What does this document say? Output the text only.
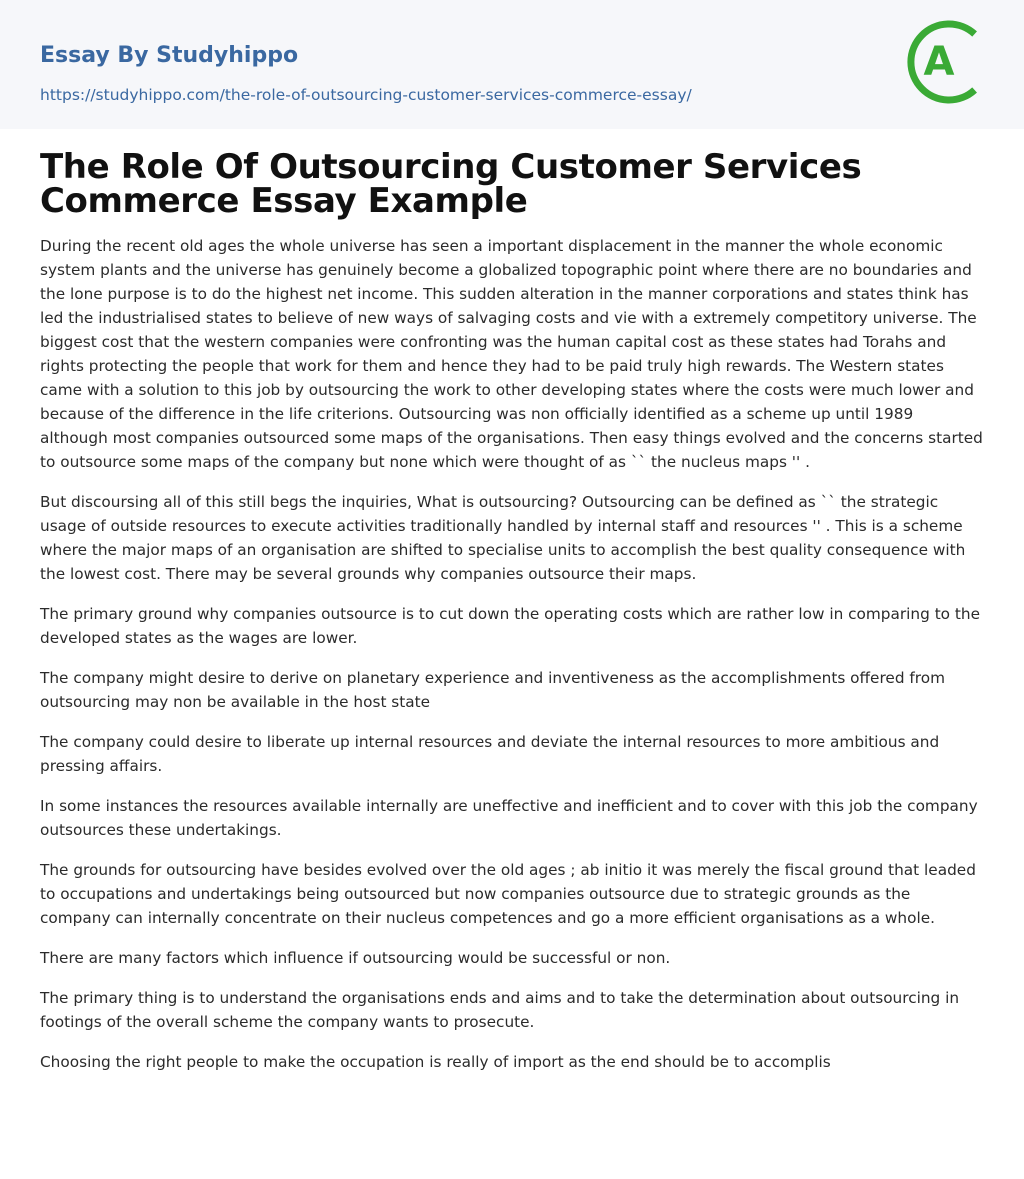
Essay By Studyhippo
https://studyhippo.com/the-role-of-outsourcing-customer-services-commerce-essay/
A
The Role Of Outsourcing Customer Services Commerce Essay Example

During the recent old ages the whole universe has seen a important displacement in the manner the whole economic system plants and the universe has genuinely become a globalized topographic point where there are no boundaries and the lone purpose is to do the highest net income. This sudden alteration in the manner corporations and states think has led the industrialised states to believe of new ways of salvaging costs and vie with a extremely competitory universe. The biggest cost that the western companies were confronting was the human capital cost as these states had Torahs and rights protecting the people that work for them and hence they had to be paid truly high rewards. The Western states came with a solution to this job by outsourcing the work to other developing states where the costs were much lower and because of the difference in the life criterions. Outsourcing was non officially identified as a scheme up until 1989 although most companies outsourced some maps of the organisations. Then easy things evolved and the concerns started to outsource some maps of the company but none which were thought of as `` the nucleus maps '' .

But discoursing all of this still begs the inquiries, What is outsourcing? Outsourcing can be defined as `` the strategic usage of outside resources to execute activities traditionally handled by internal staff and resources '' . This is a scheme where the major maps of an organisation are shifted to specialise units to accomplish the best quality consequence with the lowest cost. There may be several grounds why companies outsource their maps.

The primary ground why companies outsource is to cut down the operating costs which are rather low in comparing to the developed states as the wages are lower.

The company might desire to derive on planetary experience and inventiveness as the accomplishments offered from outsourcing may non be available in the host state

The company could desire to liberate up internal resources and deviate the internal resources to more ambitious and pressing affairs.

In some instances the resources available internally are uneffective and inefficient and to cover with this job the company outsources these undertakings.

The grounds for outsourcing have besides evolved over the old ages ; ab initio it was merely the fiscal ground that leaded to occupations and undertakings being outsourced but now companies outsource due to strategic grounds as the company can internally concentrate on their nucleus competences and go a more efficient organisations as a whole.

There are many factors which influence if outsourcing would be successful or non.

The primary thing is to understand the organisations ends and aims and to take the determination about outsourcing in footings of the overall scheme the company wants to prosecute.

Choosing the right people to make the occupation is really of import as the end should be to accomplis
